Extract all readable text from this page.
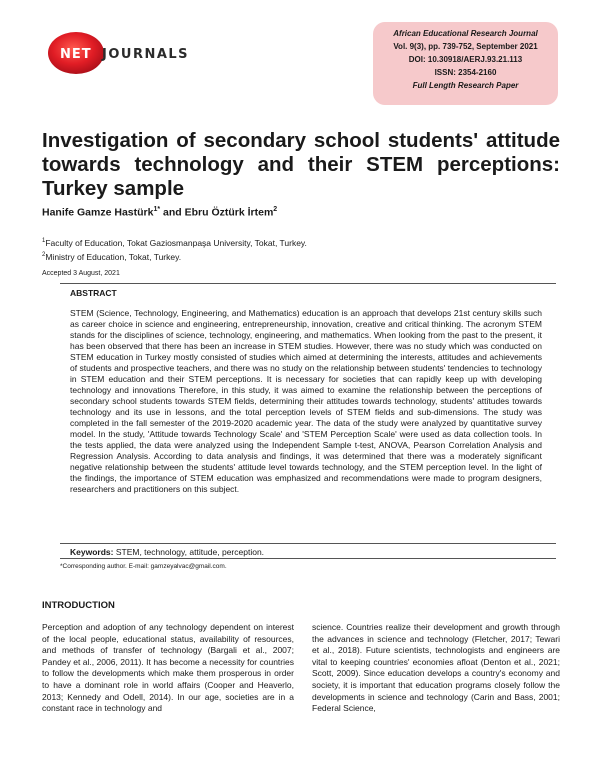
NET JOURNALS
African Educational Research Journal
Vol. 9(3), pp. 739-752, September 2021
DOI: 10.30918/AERJ.93.21.113
ISSN: 2354-2160
Full Length Research Paper
Investigation of secondary school students' attitude towards technology and their STEM perceptions: Turkey sample
Hanife Gamze Hastürk$^{1*}$ and Ebru Öztürk İrtem$^2$
$^1$Faculty of Education, Tokat Gaziosmanpaşa University, Tokat, Turkey.
$^2$Ministry of Education, Tokat, Turkey.
Accepted 3 August, 2021
ABSTRACT

STEM (Science, Technology, Engineering, and Mathematics) education is an approach that develops 21st century skills such as career choice in science and engineering, entrepreneurship, innovation, creative and critical thinking. The acronym STEM stands for the disciplines of science, technology, engineering, and mathematics. When looking from the past to the present, it has been observed that there has been an increase in STEM studies. However, there was no study which was conducted on STEM education in Turkey mostly consisted of studies which aimed at determining the interests, attitudes and achievements of students and prospective teachers, and there was no study on the relationship between students' tendencies to technology in STEM education and their STEM perceptions. It is necessary for societies that can rapidly keep up with developing technology and innovations Therefore, in this study, it was aimed to examine the relationship between the perceptions of secondary school students towards STEM fields, determining their attitudes towards technology, students' attitudes towards technology and its use in lessons, and the total perception levels of STEM fields and sub-dimensions. The study was completed in the fall semester of the 2019-2020 academic year. The data of the study were analyzed by quantitative survey model. In the study, 'Attitude towards Technology Scale' and 'STEM Perception Scale' were used as data collection tools. In the tests applied, the data were analyzed using the Independent Sample t-test, ANOVA, Pearson Correlation Analysis and Regression Analysis. According to data analysis and findings, it was determined that there was a moderately significant negative relationship between the students' attitude level towards technology, and the STEM perception level. In the light of the findings, the importance of STEM education was emphasized and recommendations were made to program designers, researchers and practitioners on this subject.

Keywords: STEM, technology, attitude, perception.
*Corresponding author. E-mail: gamzeyalvac@gmail.com.
INTRODUCTION

Perception and adoption of any technology dependent on interest of the local people, educational status, availability of resources, and methods of transfer of technology (Bargali et al., 2007; Pandey et al., 2006, 2011). It has become a necessity for countries to follow the developments which make them prosperous in order to have a dominant role in world affairs (Cooper and Heaverlo, 2013; Kennedy and Odell, 2014). In our age, societies are in a constant race in technology and

science. Countries realize their development and growth through the advances in science and technology (Fletcher, 2017; Tewari et al., 2018). Future scientists, technologists and engineers are vital to keeping countries' economies afloat (Denton et al., 2021; Scott, 2009). Since education develops a country's economy and society, it is important that education programs closely follow the developments in science and technology (Carin and Bass, 2001; Federal Science,
